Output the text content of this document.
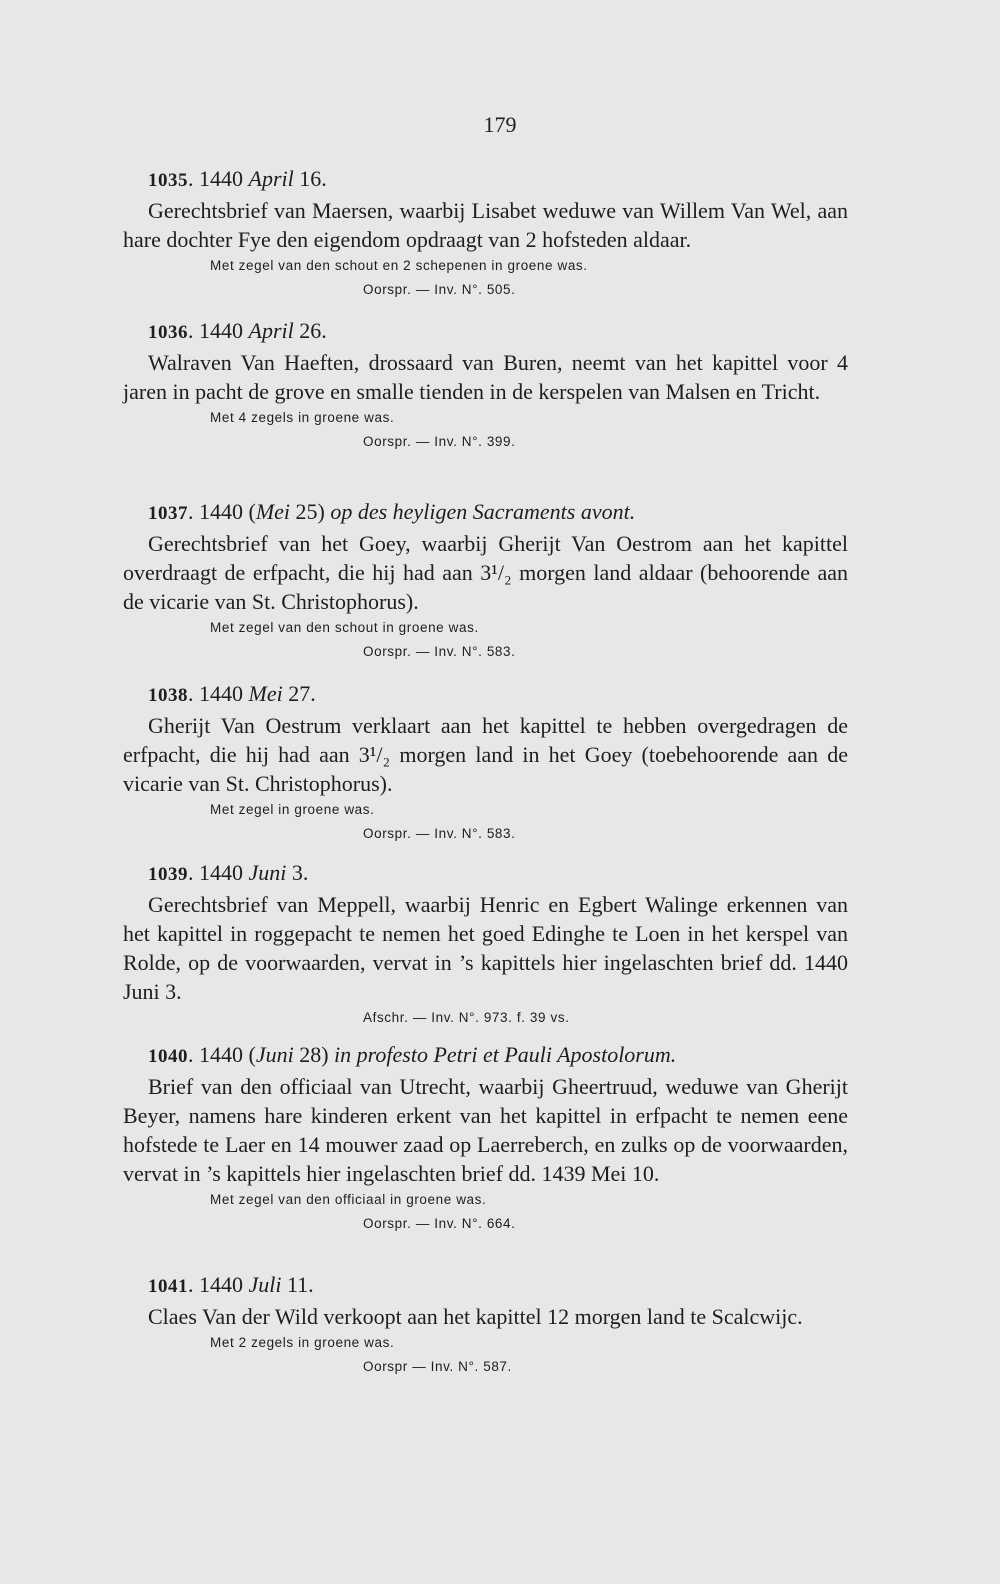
179
1035. 1440 April 16.

Gerechtsbrief van Maersen, waarbij Lisabet weduwe van Willem Van Wel, aan hare dochter Fye den eigendom opdraagt van 2 hofsteden aldaar.

Met zegel van den schout en 2 schepenen in groene was.
Oorspr. — Inv. N°. 505.
1036. 1440 April 26.

Walraven Van Haeften, drossaard van Buren, neemt van het kapittel voor 4 jaren in pacht de grove en smalle tienden in de kerspelen van Malsen en Tricht.

Met 4 zegels in groene was.
Oorspr. — Inv. N°. 399.
1037. 1440 (Mei 25) op des heyligen Sacraments avont.

Gerechtsbrief van het Goey, waarbij Gherijt Van Oestrom aan het kapittel overdraagt de erfpacht, die hij had aan 3¹/₂ morgen land aldaar (behoorende aan de vicarie van St. Christophorus).

Met zegel van den schout in groene was.
Oorspr. — Inv. N°. 583.
1038. 1440 Mei 27.

Gherijt Van Oestrum verklaart aan het kapittel te hebben overgedragen de erfpacht, die hij had aan 3¹/₂ morgen land in het Goey (toebehoorende aan de vicarie van St. Christophorus).

Met zegel in groene was.
Oorspr. — Inv. N°. 583.
1039. 1440 Juni 3.

Gerechtsbrief van Meppell, waarbij Henric en Egbert Walinge erkennen van het kapittel in roggepacht te nemen het goed Edinghe te Loen in het kerspel van Rolde, op de voorwaarden, vervat in ’s kapittels hier ingelaschten brief dd. 1440 Juni 3.

Afschr. — Inv. N°. 973. f. 39 vs.
1040. 1440 (Juni 28) in profesto Petri et Pauli Apostolorum.

Brief van den officiaal van Utrecht, waarbij Gheertruud, weduwe van Gherijt Beyer, namens hare kinderen erkent van het kapittel in erfpacht te nemen eene hofstede te Laer en 14 mouwer zaad op Laerreberch, en zulks op de voorwaarden, vervat in ’s kapittels hier ingelaschten brief dd. 1439 Mei 10.

Met zegel van den officiaal in groene was.
Oorspr. — Inv. N°. 664.
1041. 1440 Juli 11.

Claes Van der Wild verkoopt aan het kapittel 12 morgen land te Scalcwijc.

Met 2 zegels in groene was.
Oorspr — Inv. N°. 587.
